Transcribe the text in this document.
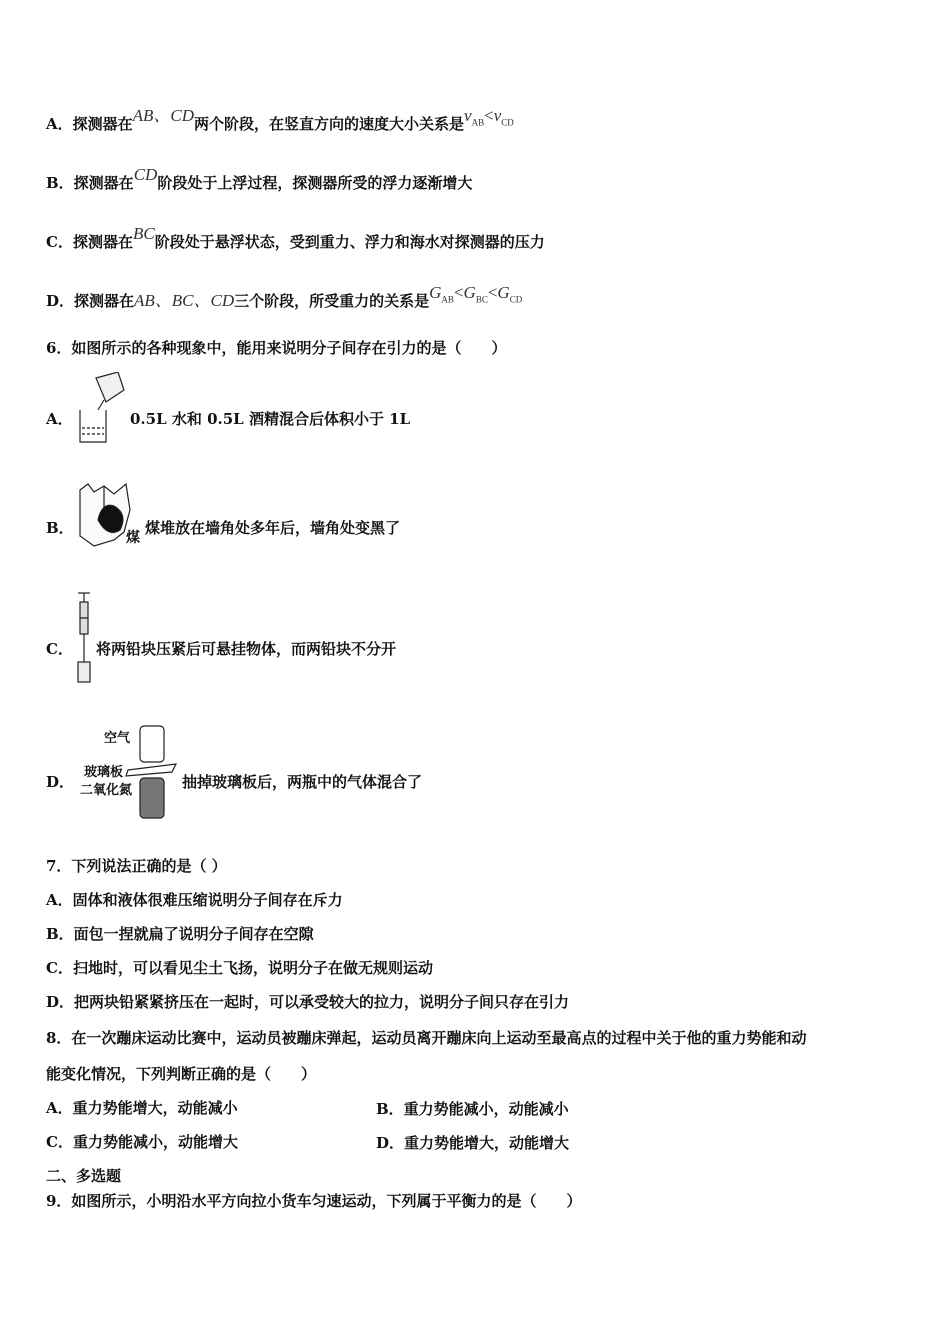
A．探测器在AB、CD两个阶段，在竖直方向的速度大小关系是$v_{AB}<v_{CD}$
B．探测器在CD阶段处于上浮过程，探测器所受的浮力逐渐增大
C．探测器在BC阶段处于悬浮状态，受到重力、浮力和海水对探测器的压力
D．探测器在AB、BC、CD三个阶段，所受重力的关系是$G_{AB}<G_{BC}<G_{CD}$
6．如图所示的各种现象中，能用来说明分子间存在引力的是（　　）
A．	0.5L 水和 0.5L 酒精混合后体积小于 1L
B．
煤
煤堆放在墙角处多年后，墙角处变黑了
C． 将两铅块压紧后可悬挂物体，而两铅块不分开
D．
空气
玻璃板
二氧化氮	抽掉玻璃板后，两瓶中的气体混合了
7．下列说法正确的是（ ）
A．固体和液体很难压缩说明分子间存在斥力
B．面包一捏就扁了说明分子间存在空隙
C．扫地时，可以看见尘土飞扬，说明分子在做无规则运动
D．把两块铅紧紧挤压在一起时，可以承受较大的拉力，说明分子间只存在引力
8．在一次蹦床运动比赛中，运动员被蹦床弹起，运动员离开蹦床向上运动至最高点的过程中关于他的重力势能和动
能变化情况，下列判断正确的是（　　）
A．重力势能增大，动能减小	B．重力势能减小，动能减小
C．重力势能减小，动能增大	D．重力势能增大，动能增大
二、多选题
9．如图所示，小明沿水平方向拉小货车匀速运动，下列属于平衡力的是（　　）
